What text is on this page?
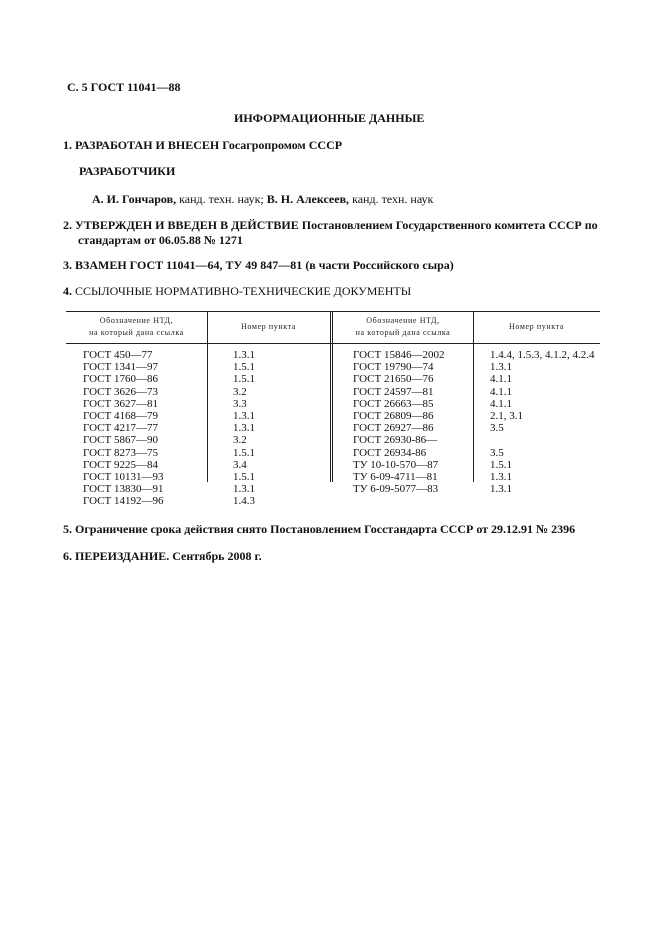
С. 5 ГОСТ 11041—88
ИНФОРМАЦИОННЫЕ ДАННЫЕ
1. РАЗРАБОТАН И ВНЕСЕН Госагропромом СССР
РАЗРАБОТЧИКИ
А. И. Гончаров, канд. техн. наук; В. Н. Алексеев, канд. техн. наук
2. УТВЕРЖДЕН И ВВЕДЕН В ДЕЙСТВИЕ Постановлением Государственного комитета СССР по
стандартам от 06.05.88 № 1271
3. ВЗАМЕН ГОСТ 11041—64, ТУ 49 847—81 (в части Российского сыра)
4. ССЫЛОЧНЫЕ НОРМАТИВНО-ТЕХНИЧЕСКИЕ ДОКУМЕНТЫ
Обозначение НТД,
на который дана ссылка
Номер пункта
Обозначение НТД,
на который дана ссылка
Номер пункта
ГОСТ 450—77
ГОСТ 1341—97
ГОСТ 1760—86
ГОСТ 3626—73
ГОСТ 3627—81
ГОСТ 4168—79
ГОСТ 4217—77
ГОСТ 5867—90
ГОСТ 8273—75
ГОСТ 9225—84
ГОСТ 10131—93
ГОСТ 13830—91
ГОСТ 14192—96
1.3.1
1.5.1
1.5.1
3.2
3.3
1.3.1
1.3.1
3.2
1.5.1
3.4
1.5.1
1.3.1
1.4.3
ГОСТ 15846—2002
ГОСТ 19790—74
ГОСТ 21650—76
ГОСТ 24597—81
ГОСТ 26663—85
ГОСТ 26809—86
ГОСТ 26927—86
ГОСТ 26930-86—
ГОСТ 26934-86
ТУ 10-10-570—87
ТУ 6-09-4711—81
ТУ 6-09-5077—83
1.4.4, 1.5.3, 4.1.2, 4.2.4
1.3.1
4.1.1
4.1.1
4.1.1
2.1, 3.1
3.5
3.5
1.5.1
1.3.1
1.3.1
5. Ограничение срока действия снято Постановлением Госстандарта СССР от 29.12.91 № 2396
6. ПЕРЕИЗДАНИЕ. Сентябрь 2008 г.
